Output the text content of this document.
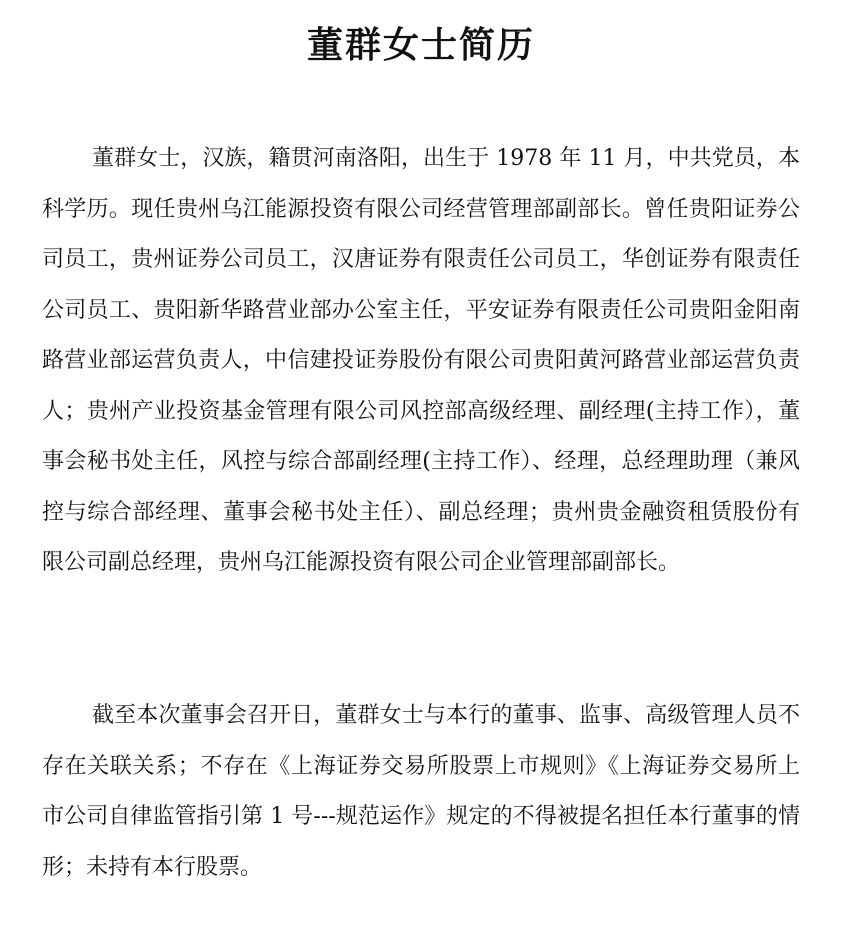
董群女士简历

董群女士，汉族，籍贯河南洛阳，出生于 1978 年 11 月，中共党员，本科学历。现任贵州乌江能源投资有限公司经营管理部副部长。曾任贵阳证券公司员工，贵州证券公司员工，汉唐证券有限责任公司员工，华创证券有限责任公司员工、贵阳新华路营业部办公室主任，平安证券有限责任公司贵阳金阳南路营业部运营负责人，中信建投证券股份有限公司贵阳黄河路营业部运营负责人；贵州产业投资基金管理有限公司风控部高级经理、副经理(主持工作），董事会秘书处主任，风控与综合部副经理(主持工作）、经理，总经理助理（兼风控与综合部经理、董事会秘书处主任）、副总经理；贵州贵金融资租赁股份有限公司副总经理，贵州乌江能源投资有限公司企业管理部副部长。

截至本次董事会召开日，董群女士与本行的董事、监事、高级管理人员不存在关联关系；不存在《上海证券交易所股票上市规则》《上海证券交易所上市公司自律监管指引第 1 号---规范运作》规定的不得被提名担任本行董事的情形；未持有本行股票。
